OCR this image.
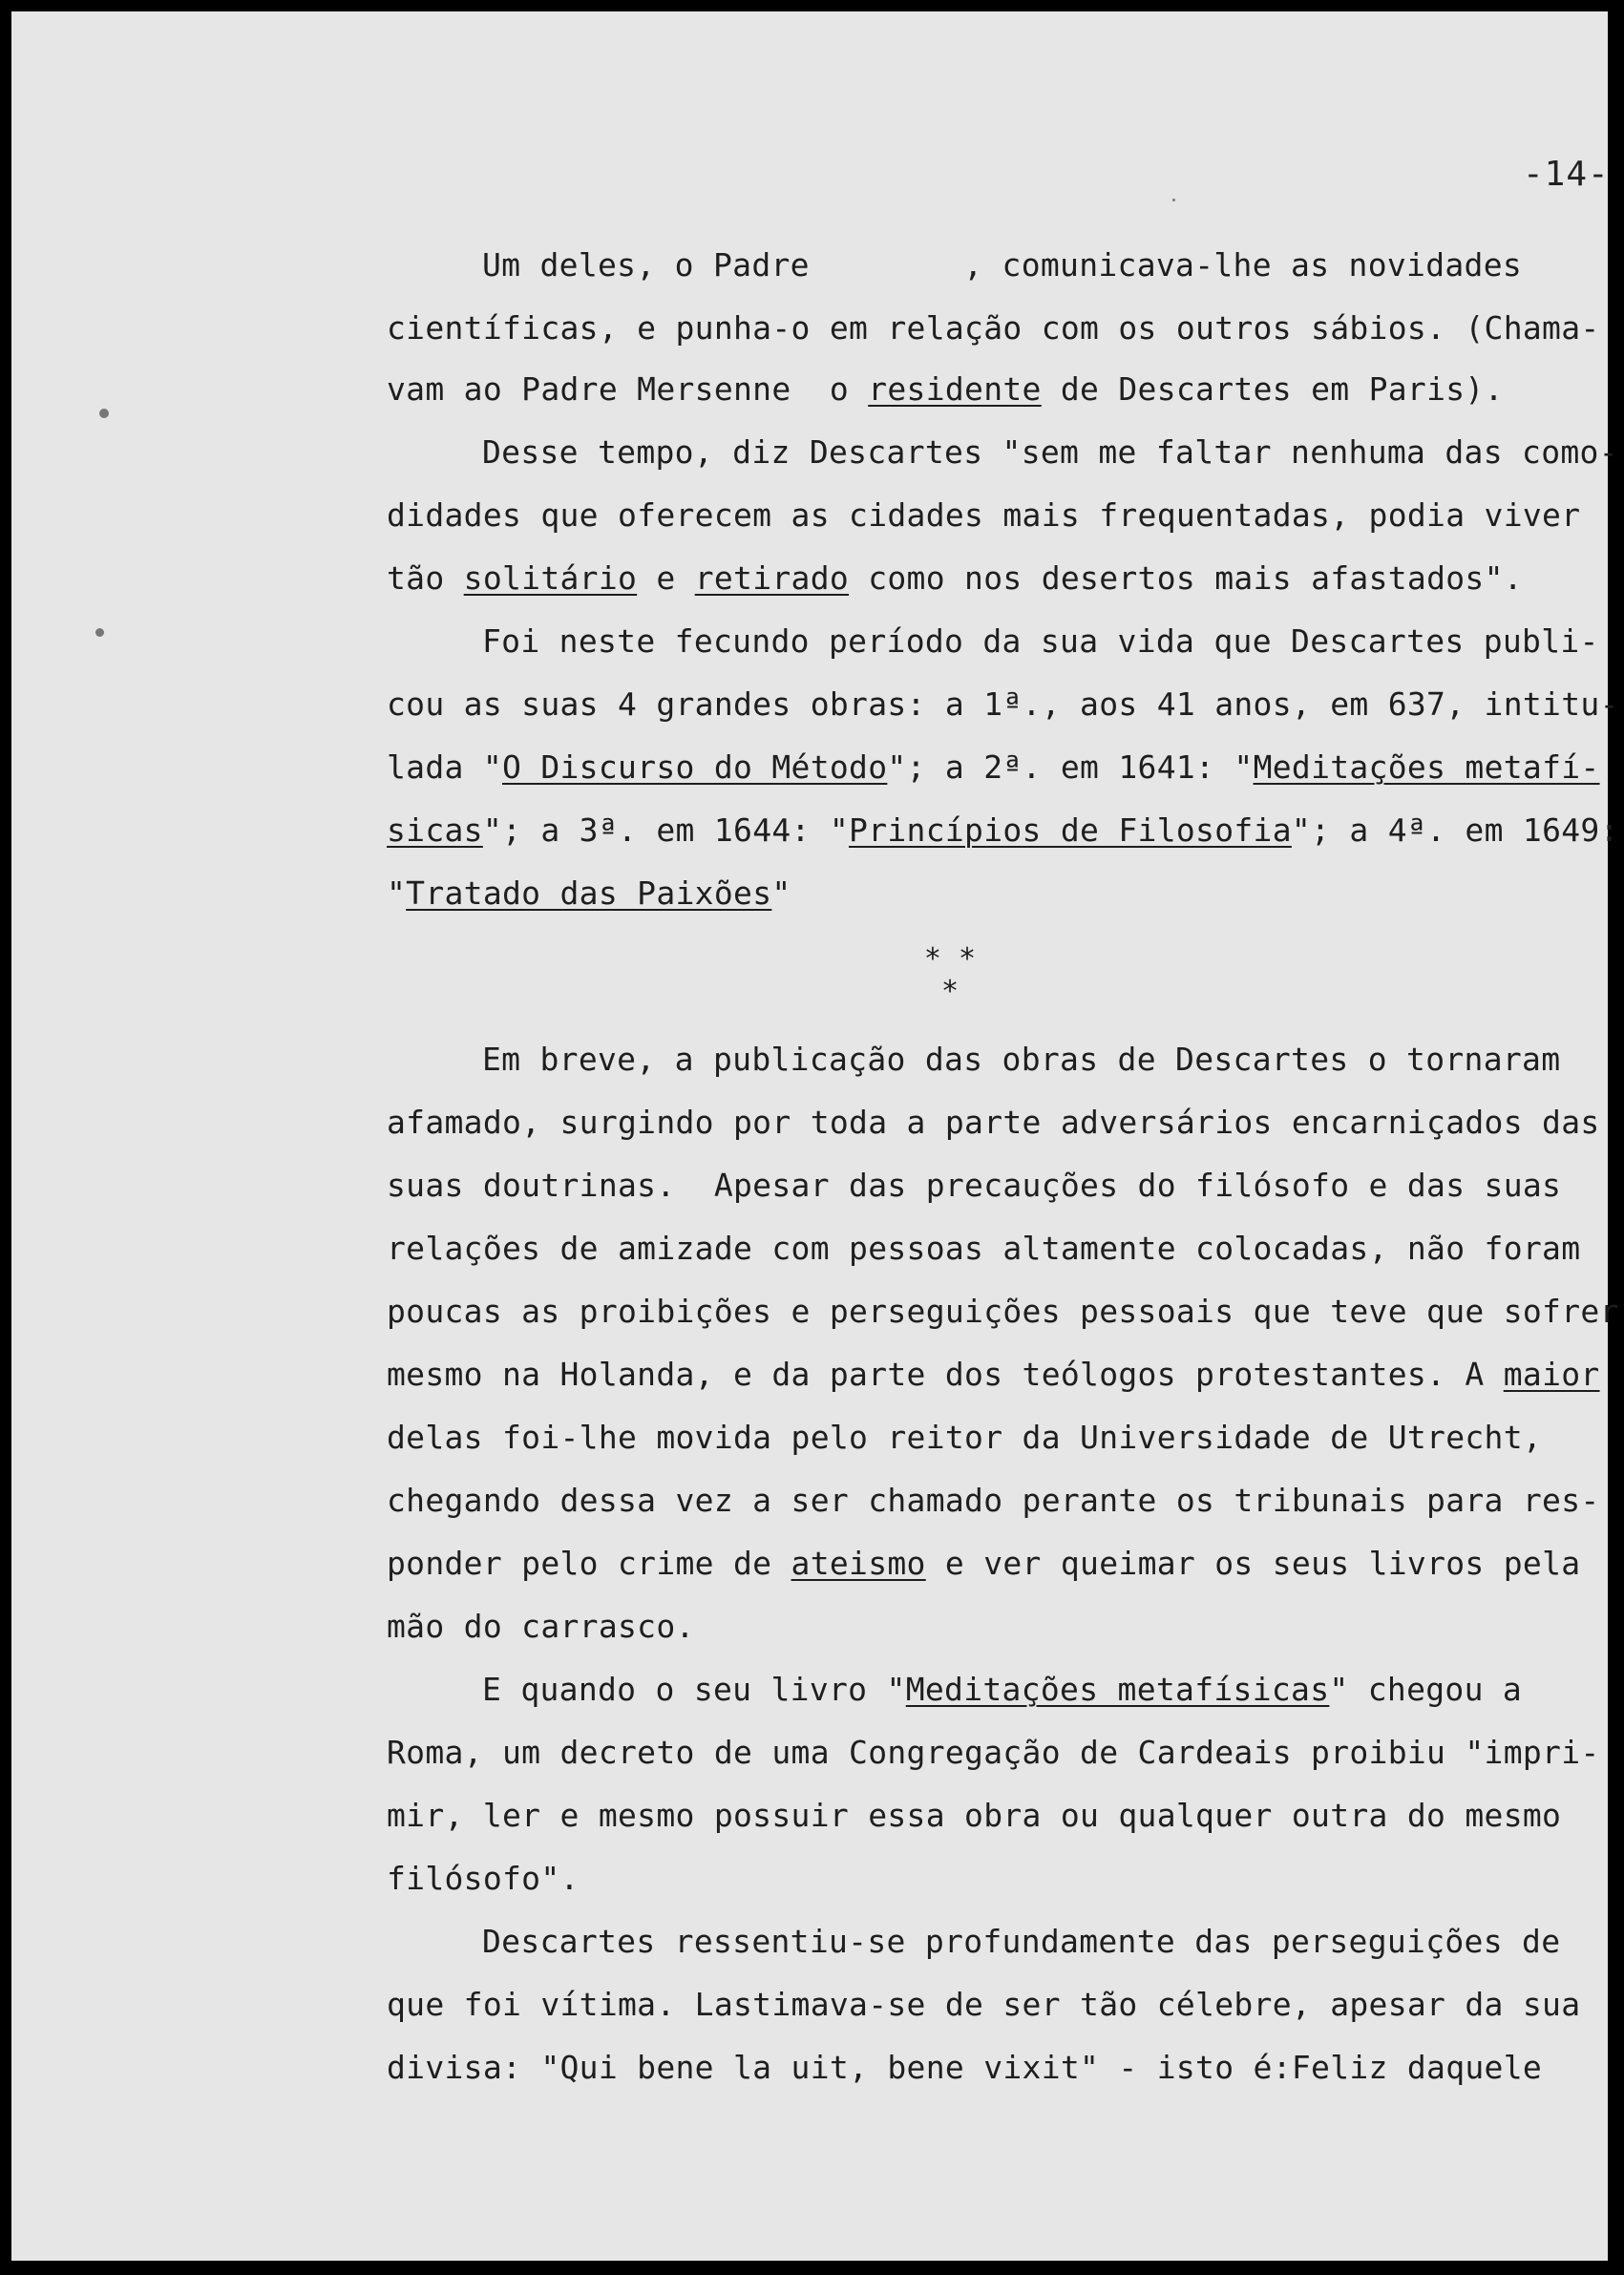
-14-
Um deles, o Padre        , comunicava-lhe as novidades
científicas, e punha-o em relação com os outros sábios. (Chama-
vam ao Padre Mersenne  o residente de Descartes em Paris).
Desse tempo, diz Descartes "sem me faltar nenhuma das como-
didades que oferecem as cidades mais frequentadas, podia viver
tão solitário e retirado como nos desertos mais afastados".
Foi neste fecundo período da sua vida que Descartes publi-
cou as suas 4 grandes obras: a 1ª., aos 41 anos, em 637, intitu-
lada "O Discurso do Método"; a 2ª. em 1641: "Meditações metafí-
sicas"; a 3ª. em 1644: "Princípios de Filosofia"; a 4ª. em 1649:
"Tratado das Paixões"
Em breve, a publicação das obras de Descartes o tornaram
afamado, surgindo por toda a parte adversários encarniçados das
suas doutrinas.  Apesar das precauções do filósofo e das suas
relações de amizade com pessoas altamente colocadas, não foram
poucas as proibições e perseguições pessoais que teve que sofrer
mesmo na Holanda, e da parte dos teólogos protestantes. A maior
delas foi-lhe movida pelo reitor da Universidade de Utrecht,
chegando dessa vez a ser chamado perante os tribunais para res-
ponder pelo crime de ateismo e ver queimar os seus livros pela
mão do carrasco.
E quando o seu livro "Meditações metafísicas" chegou a
Roma, um decreto de uma Congregação de Cardeais proibiu "impri-
mir, ler e mesmo possuir essa obra ou qualquer outra do mesmo
filósofo".
Descartes ressentiu-se profundamente das perseguições de
que foi vítima. Lastimava-se de ser tão célebre, apesar da sua
divisa: "Qui bene la uit, bene vixit" - isto é:Feliz daquele
* *
*
